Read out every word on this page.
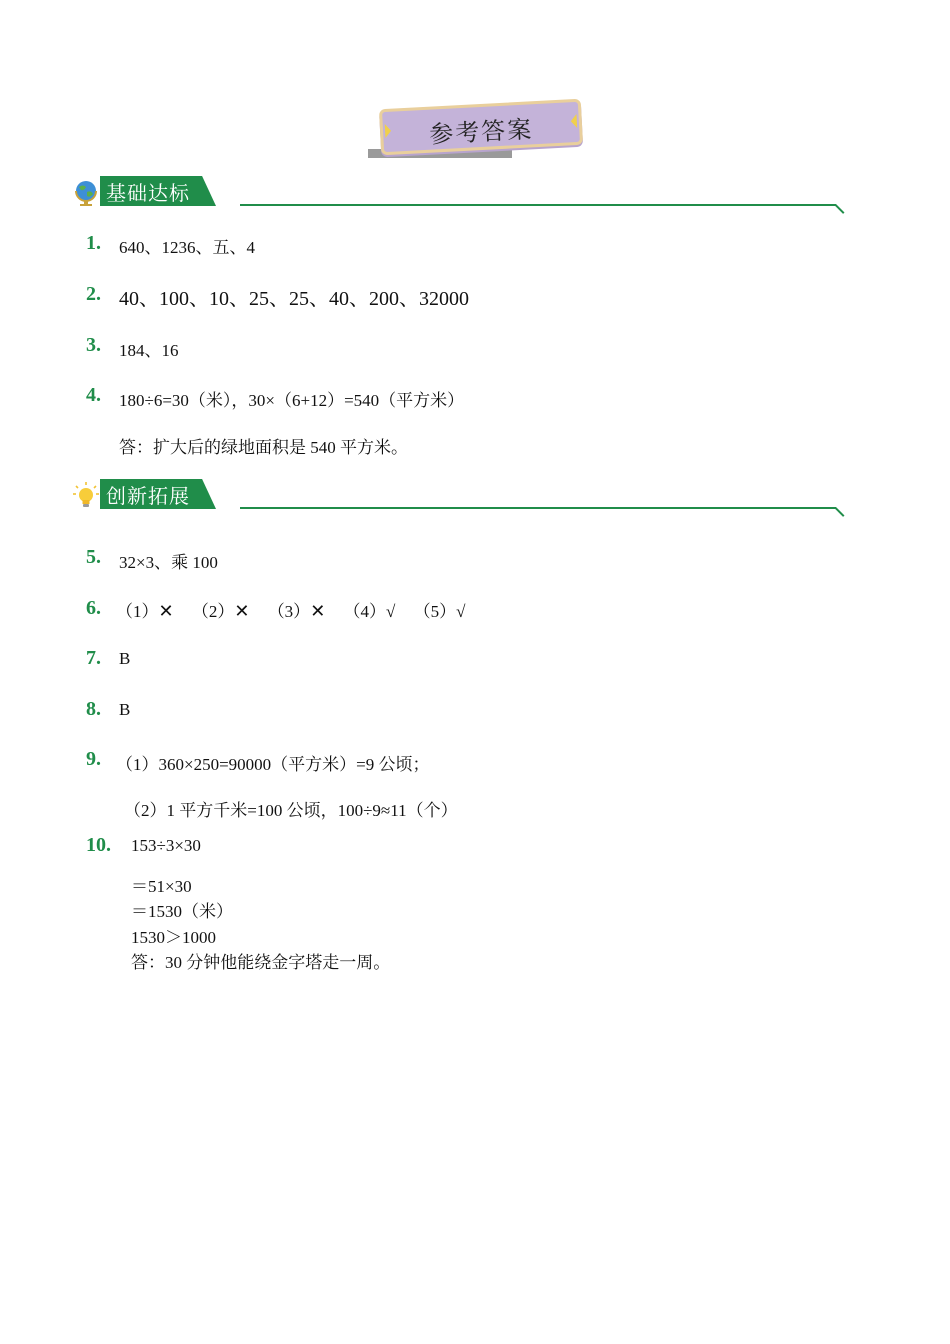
参考答案
基础达标
1. 640、1236、五、4
2. 40、100、10、25、25、40、200、32000
3. 184、16
4. 180÷6=30（米），30×（6+12）=540（平方米）
答：扩大后的绿地面积是 540 平方米。
创新拓展
5. 32×3、乘 100
6. （1）✕ （2）✕ （3）✕ （4）√ （5）√
7. B
8. B
9. （1）360×250=90000（平方米）=9 公顷；
（2）1 平方千米=100 公顷，100÷9≈11（个）
10. 153÷3×30
＝51×30
＝1530（米）
1530＞1000
答：30 分钟他能绕金字塔走一周。
